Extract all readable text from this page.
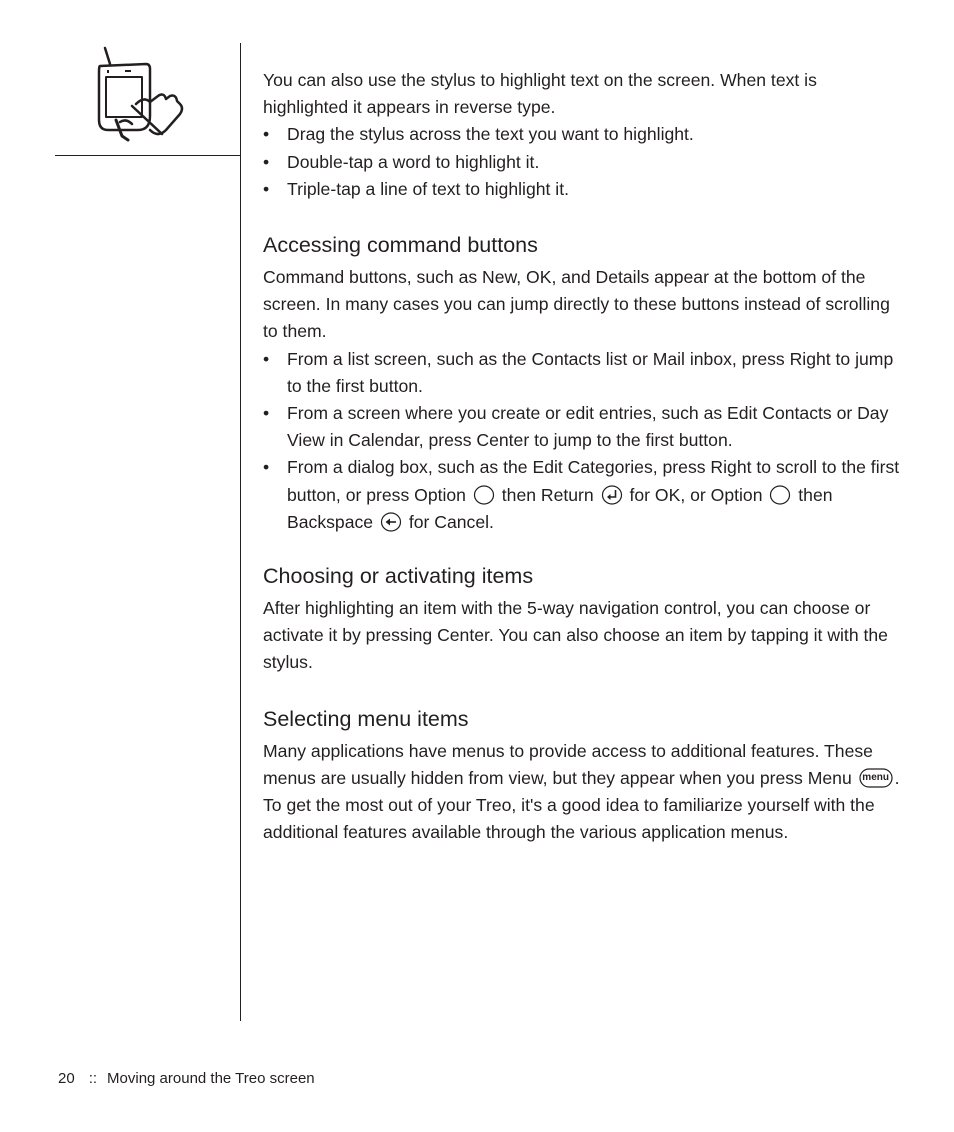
You can also use the stylus to highlight text on the screen. When text is highlighted it appears in reverse type.

• Drag the stylus across the text you want to highlight.
• Double-tap a word to highlight it.
• Triple-tap a line of text to highlight it.
Accessing command buttons

Command buttons, such as New, OK, and Details appear at the bottom of the screen. In many cases you can jump directly to these buttons instead of scrolling to them.

• From a list screen, such as the Contacts list or Mail inbox, press Right to jump to the first button.
• From a screen where you create or edit entries, such as Edit Contacts or Day View in Calendar, press Center to jump to the first button.
• From a dialog box, such as the Edit Categories, press Right to scroll to the first button, or press Option then Return for OK, or Option then Backspace for Cancel.
Choosing or activating items

After highlighting an item with the 5-way navigation control, you can choose or activate it by pressing Center. You can also choose an item by tapping it with the stylus.

Selecting menu items

Many applications have menus to provide access to additional features. These menus are usually hidden from view, but they appear when you press Menu	menu . To get the most out of your Treo, it's a good idea to familiarize yourself with the additional features available through the various application menus.

20 :: Moving around the Treo screen
